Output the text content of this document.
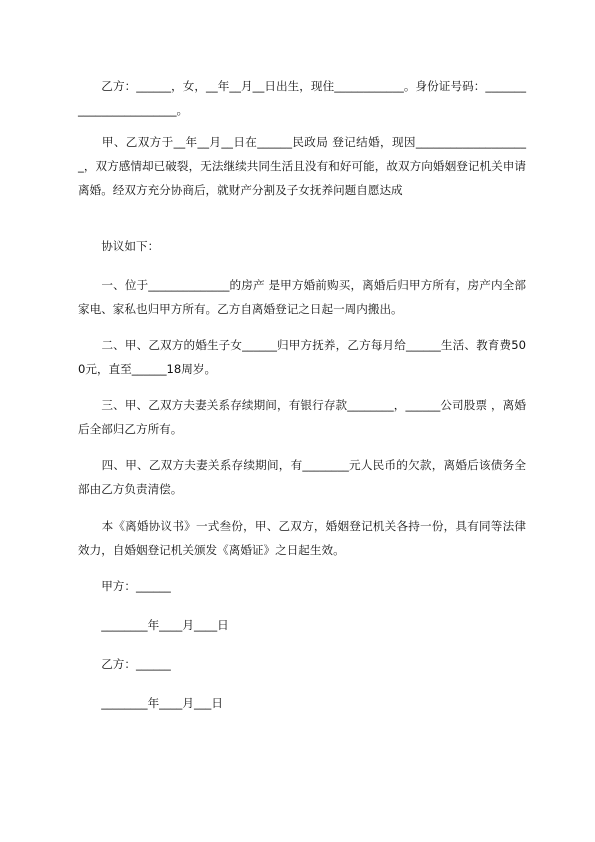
　　乙方：______，女，__年__月__日出生，现住____________。身份证号码：________________________。

　　甲、乙双方于__年__月__日在______民政局 登记结婚，现因____________________，双方感情却已破裂，无法继续共同生活且没有和好可能，故双方向婚姻登记机关申请离婚。经双方充分协商后，就财产分割及子女抚养问题自愿达成

　　协议如下：

　　一、位于______________的房产 是甲方婚前购买，离婚后归甲方所有，房产内全部家电、家私也归甲方所有。乙方自离婚登记之日起一周内搬出。

　　二、甲、乙双方的婚生子女______归甲方抚养，乙方每月给______生活、教育费500元，直至______18周岁。

　　三、甲、乙双方夫妻关系存续期间，有银行存款________，______公司股票 ，离婚后全部归乙方所有。

　　四、甲、乙双方夫妻关系存续期间，有________元人民币的欠款，离婚后该债务全部由乙方负责清偿。

　　本《离婚协议书》一式叁份，甲、乙双方，婚姻登记机关各持一份，具有同等法律效力，自婚姻登记机关颁发《离婚证》之日起生效。

　　甲方：______

　　________年____月____日

　　乙方：______

　　________年____月___日
